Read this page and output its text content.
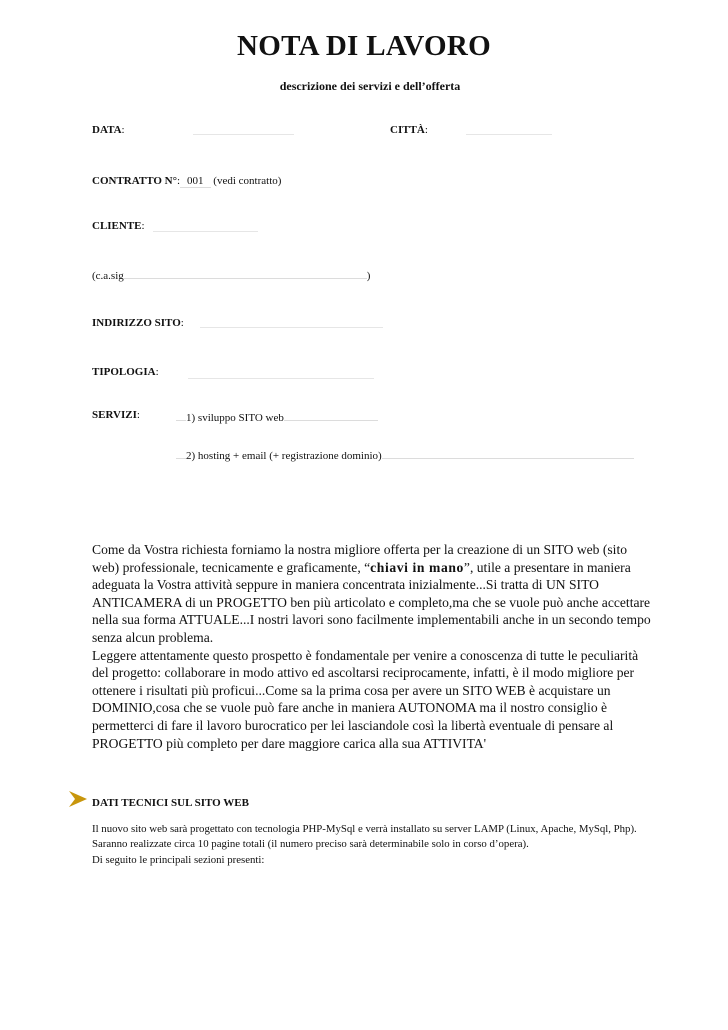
NOTA DI LAVORO
descrizione dei servizi e dell’offerta
DATA:	CITTÀ:
CONTRATTO N°: 001 (vedi contratto)
CLIENTE:
(c.a.sig	)
INDIRIZZO SITO:
TIPOLOGIA:
SERVIZI:	1) sviluppo SITO web
2) hosting + email (+ registrazione dominio)

Come da Vostra richiesta forniamo la nostra migliore offerta per la creazione di un SITO web (sito web) professionale, tecnicamente e graficamente, “chiavi in mano”, utile a presentare in maniera adeguata la Vostra attività seppure in maniera concentrata inizialmente...Si tratta di UN SITO ANTICAMERA di un PROGETTO ben più articolato e completo,ma che se vuole può anche accettare nella sua forma ATTUALE...I nostri lavori sono facilmente implementabili anche in un secondo tempo senza alcun problema.

Leggere attentamente questo prospetto è fondamentale per venire a conoscenza di tutte le peculiarità del progetto: collaborare in modo attivo ed ascoltarsi reciprocamente, infatti, è il modo migliore per ottenere i risultati più proficui...Come sa la prima cosa per avere un SITO WEB è acquistare un DOMINIO,cosa che se vuole può fare anche in maniera AUTONOMA ma il nostro consiglio è permetterci di fare il lavoro burocratico per lei lasciandole così la libertà eventuale di pensare al PROGETTO più completo per dare maggiore carica alla sua ATTIVITA'

DATI TECNICI SUL SITO WEB

Il nuovo sito web sarà progettato con tecnologia PHP-MySql e verrà installato su server LAMP (Linux, Apache, MySql, Php). Saranno realizzate circa 10 pagine totali (il numero preciso sarà determinabile solo in corso d’opera).

Di seguito le principali sezioni presenti:
